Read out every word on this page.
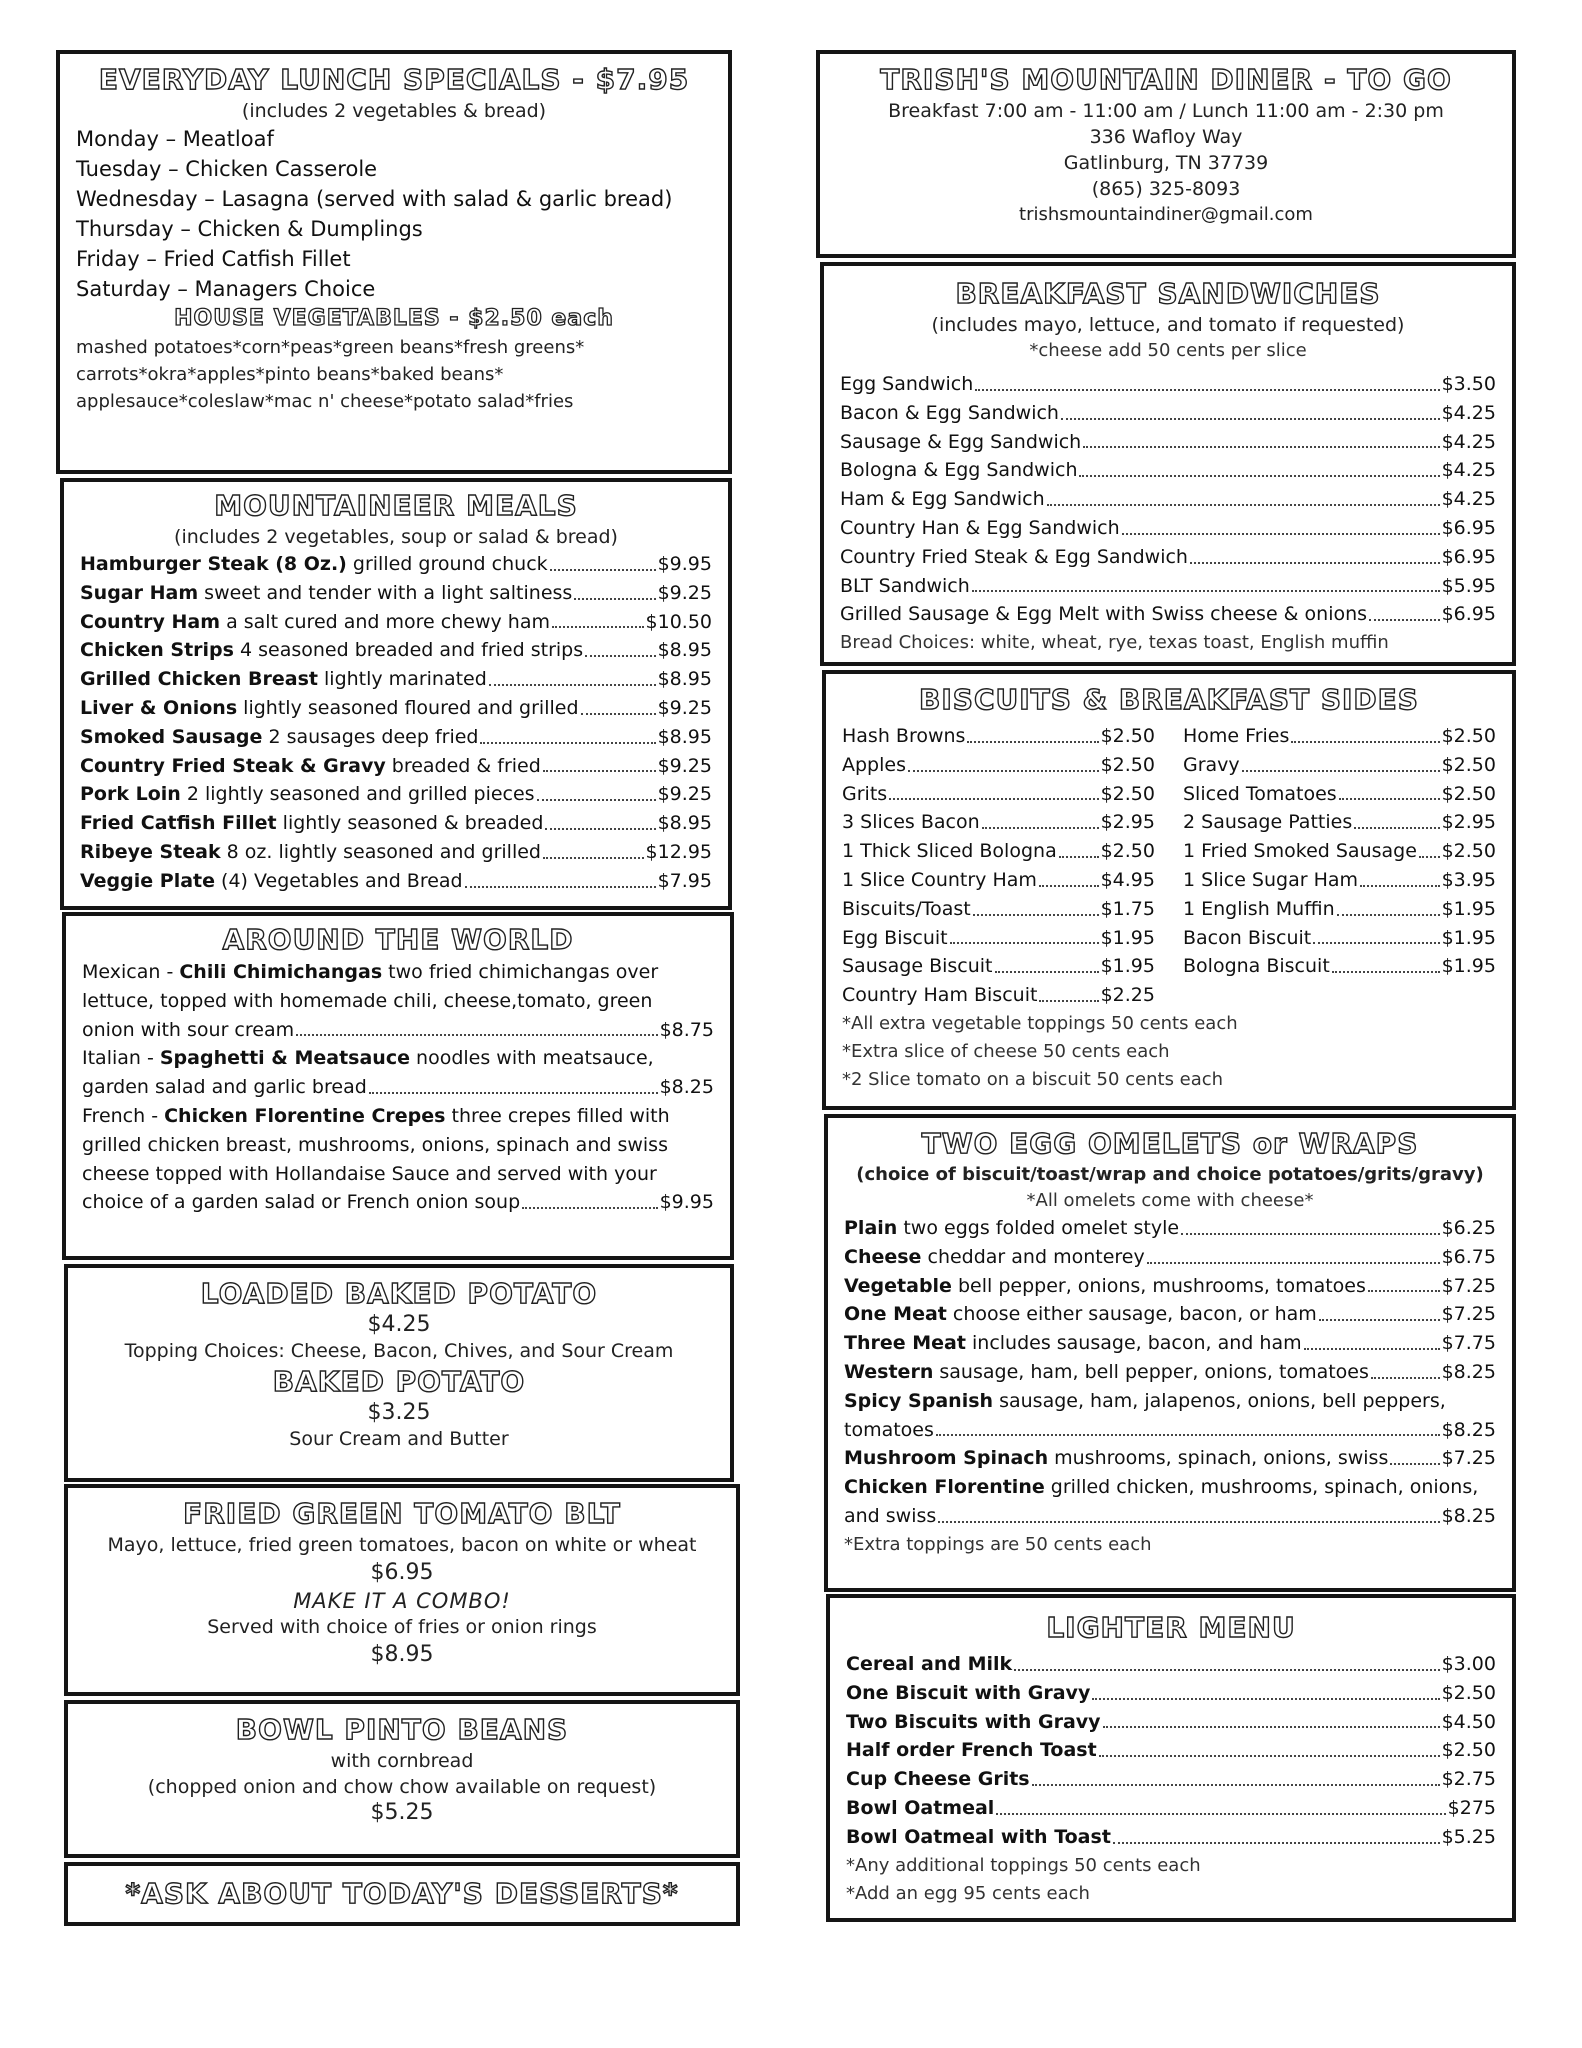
EVERYDAY LUNCH SPECIALS - $7.95
(includes 2 vegetables & bread)
Monday – Meatloaf
Tuesday – Chicken Casserole
Wednesday – Lasagna (served with salad & garlic bread)
Thursday – Chicken & Dumplings
Friday – Fried Catfish Fillet
Saturday – Managers Choice
HOUSE VEGETABLES - $2.50 each
mashed potatoes*corn*peas*green beans*fresh greens*
carrots*okra*apples*pinto beans*baked beans*
applesauce*coleslaw*mac n' cheese*potato salad*fries
MOUNTAINEER MEALS
(includes 2 vegetables, soup or salad & bread)
Hamburger Steak (8 Oz.) grilled ground chuck	$9.95
Sugar Ham sweet and tender with a light saltiness	$9.25
Country Ham a salt cured and more chewy ham	$10.50
Chicken Strips 4 seasoned breaded and fried strips	$8.95
Grilled Chicken Breast lightly marinated	$8.95
Liver & Onions lightly seasoned floured and grilled	$9.25
Smoked Sausage 2 sausages deep fried	$8.95
Country Fried Steak & Gravy breaded & fried	$9.25
Pork Loin 2 lightly seasoned and grilled pieces	$9.25
Fried Catfish Fillet lightly seasoned & breaded	$8.95
Ribeye Steak 8 oz. lightly seasoned and grilled	$12.95
Veggie Plate (4) Vegetables and Bread	$7.95
AROUND THE WORLD
Mexican - Chili Chimichangas two fried chimichangas over
lettuce, topped with homemade chili, cheese,tomato, green
onion with sour cream	$8.75
Italian - Spaghetti & Meatsauce noodles with meatsauce,
garden salad and garlic bread	$8.25
French - Chicken Florentine Crepes three crepes filled with
grilled chicken breast, mushrooms, onions, spinach and swiss
cheese topped with Hollandaise Sauce and served with your
choice of a garden salad or French onion soup	$9.95
LOADED BAKED POTATO
$4.25
Topping Choices: Cheese, Bacon, Chives, and Sour Cream
BAKED POTATO
$3.25
Sour Cream and Butter
FRIED GREEN TOMATO BLT
Mayo, lettuce, fried green tomatoes, bacon on white or wheat
$6.95
MAKE IT A COMBO!
Served with choice of fries or onion rings
$8.95
BOWL PINTO BEANS
with cornbread
(chopped onion and chow chow available on request)
$5.25
*ASK ABOUT TODAY'S DESSERTS*
TRISH'S MOUNTAIN DINER - TO GO
Breakfast 7:00 am - 11:00 am / Lunch 11:00 am - 2:30 pm
336 Wafloy Way
Gatlinburg, TN 37739
(865) 325-8093
trishsmountaindiner@gmail.com
BREAKFAST SANDWICHES
(includes mayo, lettuce, and tomato if requested)
*cheese add 50 cents per slice
Egg Sandwich	$3.50
Bacon & Egg Sandwich	$4.25
Sausage & Egg Sandwich	$4.25
Bologna & Egg Sandwich	$4.25
Ham & Egg Sandwich	$4.25
Country Han & Egg Sandwich	$6.95
Country Fried Steak & Egg Sandwich	$6.95
BLT Sandwich	$5.95
Grilled Sausage & Egg Melt with Swiss cheese & onions	$6.95
Bread Choices: white, wheat, rye, texas toast, English muffin
BISCUITS & BREAKFAST SIDES
Hash Browns	$2.50
Apples	$2.50
Grits	$2.50
3 Slices Bacon	$2.95
1 Thick Sliced Bologna $2.50
1 Slice Country Ham	$4.95
Biscuits/Toast	$1.75
Egg Biscuit	$1.95
Sausage Biscuit	$1.95
Country Ham Biscuit	$2.25
Home Fries	$2.50
Gravy	$2.50
Sliced Tomatoes	$2.50
2 Sausage Patties	$2.95
1 Fried Smoked Sausage $2.50
1 Slice Sugar Ham	$3.95
1 English Muffin	$1.95
Bacon Biscuit	$1.95
Bologna Biscuit	$1.95
*All extra vegetable toppings 50 cents each
*Extra slice of cheese 50 cents each
*2 Slice tomato on a biscuit 50 cents each
TWO EGG OMELETS or WRAPS
(choice of biscuit/toast/wrap and choice potatoes/grits/gravy)
*All omelets come with cheese*
Plain two eggs folded omelet style	$6.25
Cheese cheddar and monterey	$6.75
Vegetable bell pepper, onions, mushrooms, tomatoes	$7.25
One Meat choose either sausage, bacon, or ham	$7.25
Three Meat includes sausage, bacon, and ham	$7.75
Western sausage, ham, bell pepper, onions, tomatoes	$8.25
Spicy Spanish sausage, ham, jalapenos, onions, bell peppers,
tomatoes	$8.25
Mushroom Spinach mushrooms, spinach, onions, swiss	$7.25
Chicken Florentine grilled chicken, mushrooms, spinach, onions,
and swiss	$8.25
*Extra toppings are 50 cents each
LIGHTER MENU
Cereal and Milk	$3.00
One Biscuit with Gravy	$2.50
Two Biscuits with Gravy	$4.50
Half order French Toast	$2.50
Cup Cheese Grits	$2.75
Bowl Oatmeal	$275
Bowl Oatmeal with Toast	$5.25
*Any additional toppings 50 cents each
*Add an egg 95 cents each
